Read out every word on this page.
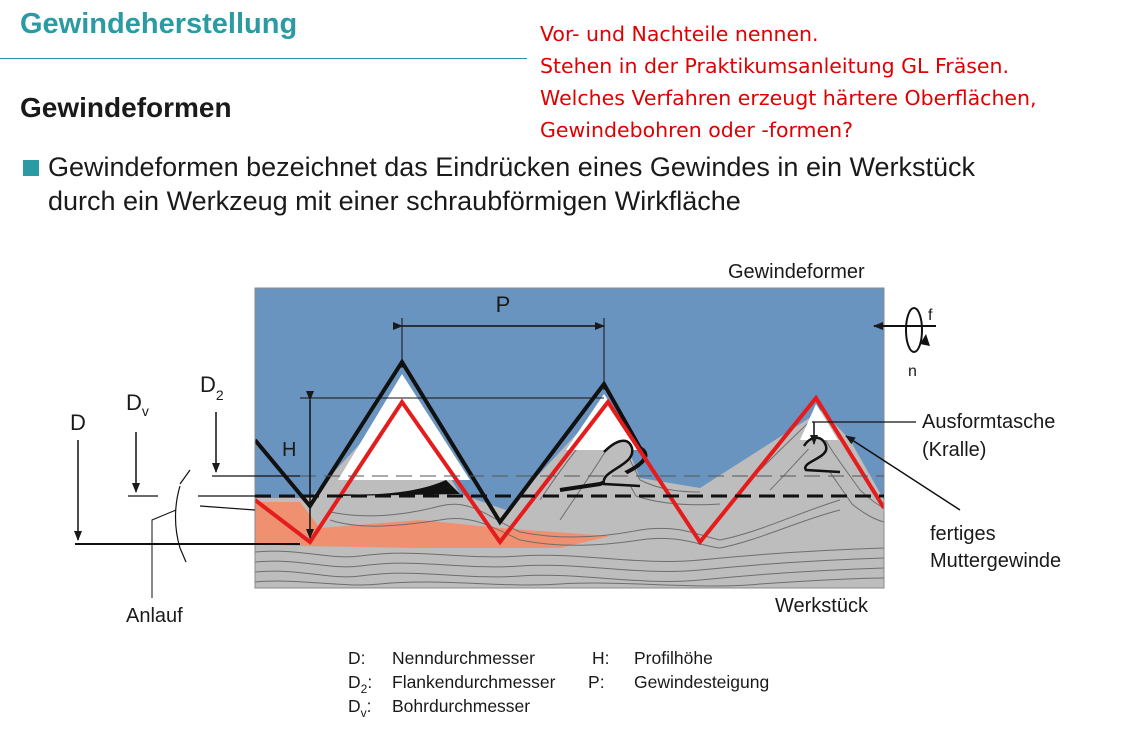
Gewindeherstellung	Vor- und Nachteile nennen.
Stehen in der Praktikumsanleitung GL Fräsen.
Welches Verfahren erzeugt härtere Oberflächen,
Gewindebohren oder -formen?
Gewindeformen
Gewindeformen bezeichnet das Eindrücken eines Gewindes in ein Werkstück
durch ein Werkzeug mit einer schraubförmigen Wirkfläche
P
H
D
$D_v$
$D_2$
Anlauf
Gewindeformer
Werkstück
f
n
Ausformtasche
(Kralle)
fertiges
Muttergewinde
D: Nenndurchmesser
$D_2$: Flankendurchmesser
$D_v$: Bohrdurchmesser
H: Profilhöhe
P: Gewindesteigung
